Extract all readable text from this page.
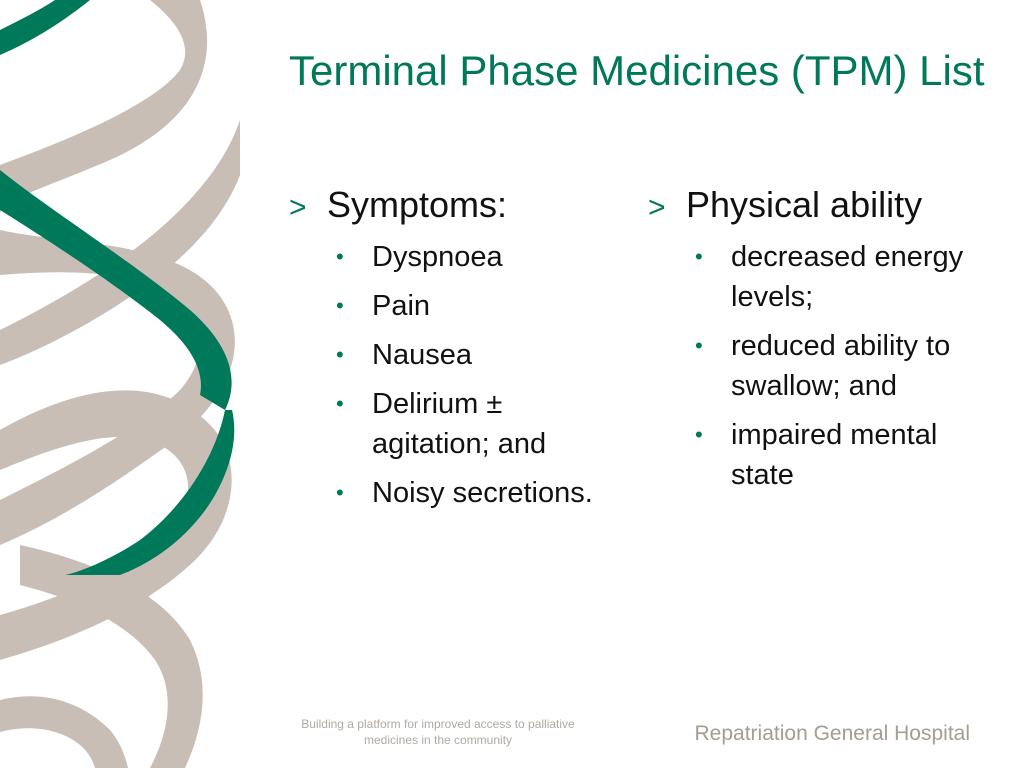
Terminal Phase Medicines (TPM) List
> Symptoms:
• Dyspnoea
• Pain
• Nausea
• Delirium ± agitation; and
• Noisy secretions.
> Physical ability
• decreased energy levels;
• reduced ability to swallow; and
• impaired mental state
Building a platform for improved access to palliative
medicines in the community	Repatriation General Hospital
